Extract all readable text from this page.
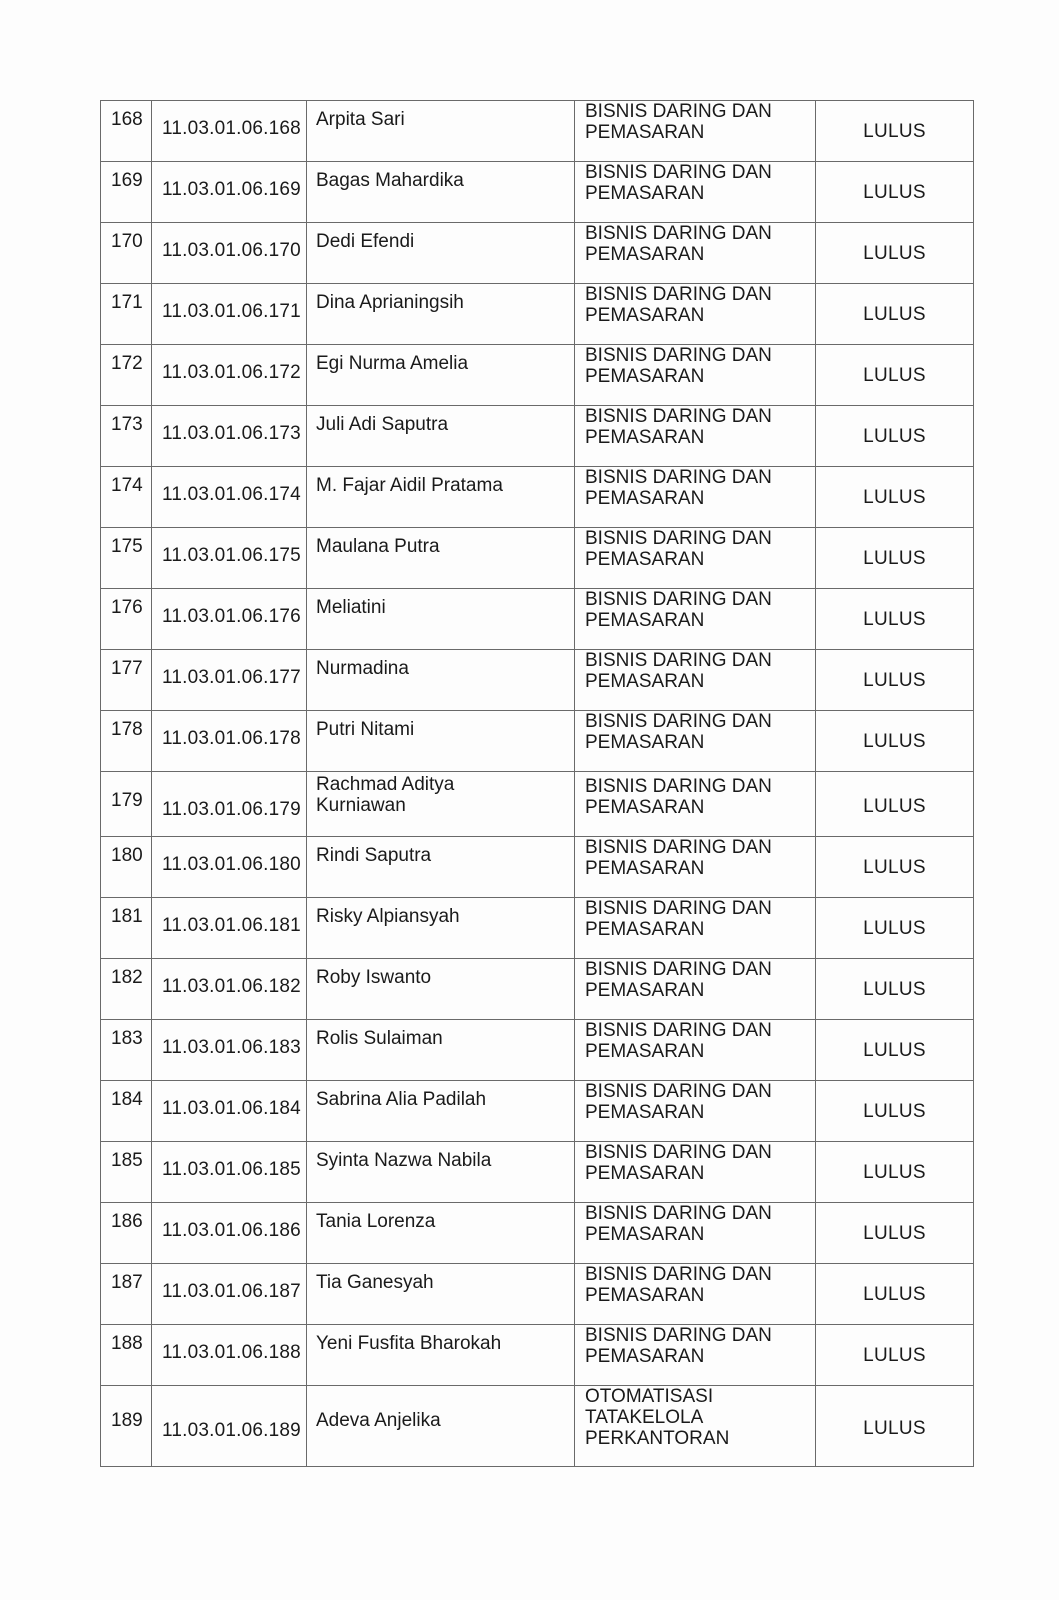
168	11.03.01.06.168	Arpita Sari	BISNIS DARING DAN
PEMASARAN	LULUS

169	11.03.01.06.169	Bagas Mahardika	BISNIS DARING DAN
PEMASARAN	LULUS

170	11.03.01.06.170	Dedi Efendi	BISNIS DARING DAN
PEMASARAN	LULUS

171	11.03.01.06.171	Dina Aprianingsih	BISNIS DARING DAN
PEMASARAN	LULUS

172	11.03.01.06.172	Egi Nurma Amelia	BISNIS DARING DAN
PEMASARAN	LULUS

173	11.03.01.06.173	Juli Adi Saputra	BISNIS DARING DAN
PEMASARAN	LULUS

174	11.03.01.06.174	M. Fajar Aidil Pratama	BISNIS DARING DAN
PEMASARAN	LULUS

175	11.03.01.06.175	Maulana Putra	BISNIS DARING DAN
PEMASARAN	LULUS

176	11.03.01.06.176	Meliatini	BISNIS DARING DAN
PEMASARAN	LULUS

177	11.03.01.06.177	Nurmadina	BISNIS DARING DAN
PEMASARAN	LULUS

178	11.03.01.06.178	Putri Nitami	BISNIS DARING DAN
PEMASARAN	LULUS

179	11.03.01.06.179	Rachmad Aditya
Kurniawan	BISNIS DARING DAN
PEMASARAN	LULUS

180	11.03.01.06.180	Rindi Saputra	BISNIS DARING DAN
PEMASARAN	LULUS

181	11.03.01.06.181	Risky Alpiansyah	BISNIS DARING DAN
PEMASARAN	LULUS

182	11.03.01.06.182	Roby Iswanto	BISNIS DARING DAN
PEMASARAN	LULUS

183	11.03.01.06.183	Rolis Sulaiman	BISNIS DARING DAN
PEMASARAN	LULUS

184	11.03.01.06.184	Sabrina Alia Padilah	BISNIS DARING DAN
PEMASARAN	LULUS

185	11.03.01.06.185	Syinta Nazwa Nabila	BISNIS DARING DAN
PEMASARAN	LULUS

186	11.03.01.06.186	Tania Lorenza	BISNIS DARING DAN
PEMASARAN	LULUS

187	11.03.01.06.187	Tia Ganesyah	BISNIS DARING DAN
PEMASARAN	LULUS

188	11.03.01.06.188	Yeni Fusfita Bharokah	BISNIS DARING DAN
PEMASARAN	LULUS

189	11.03.01.06.189	Adeva Anjelika	OTOMATISASI
TATAKELOLA
PERKANTORAN	LULUS
